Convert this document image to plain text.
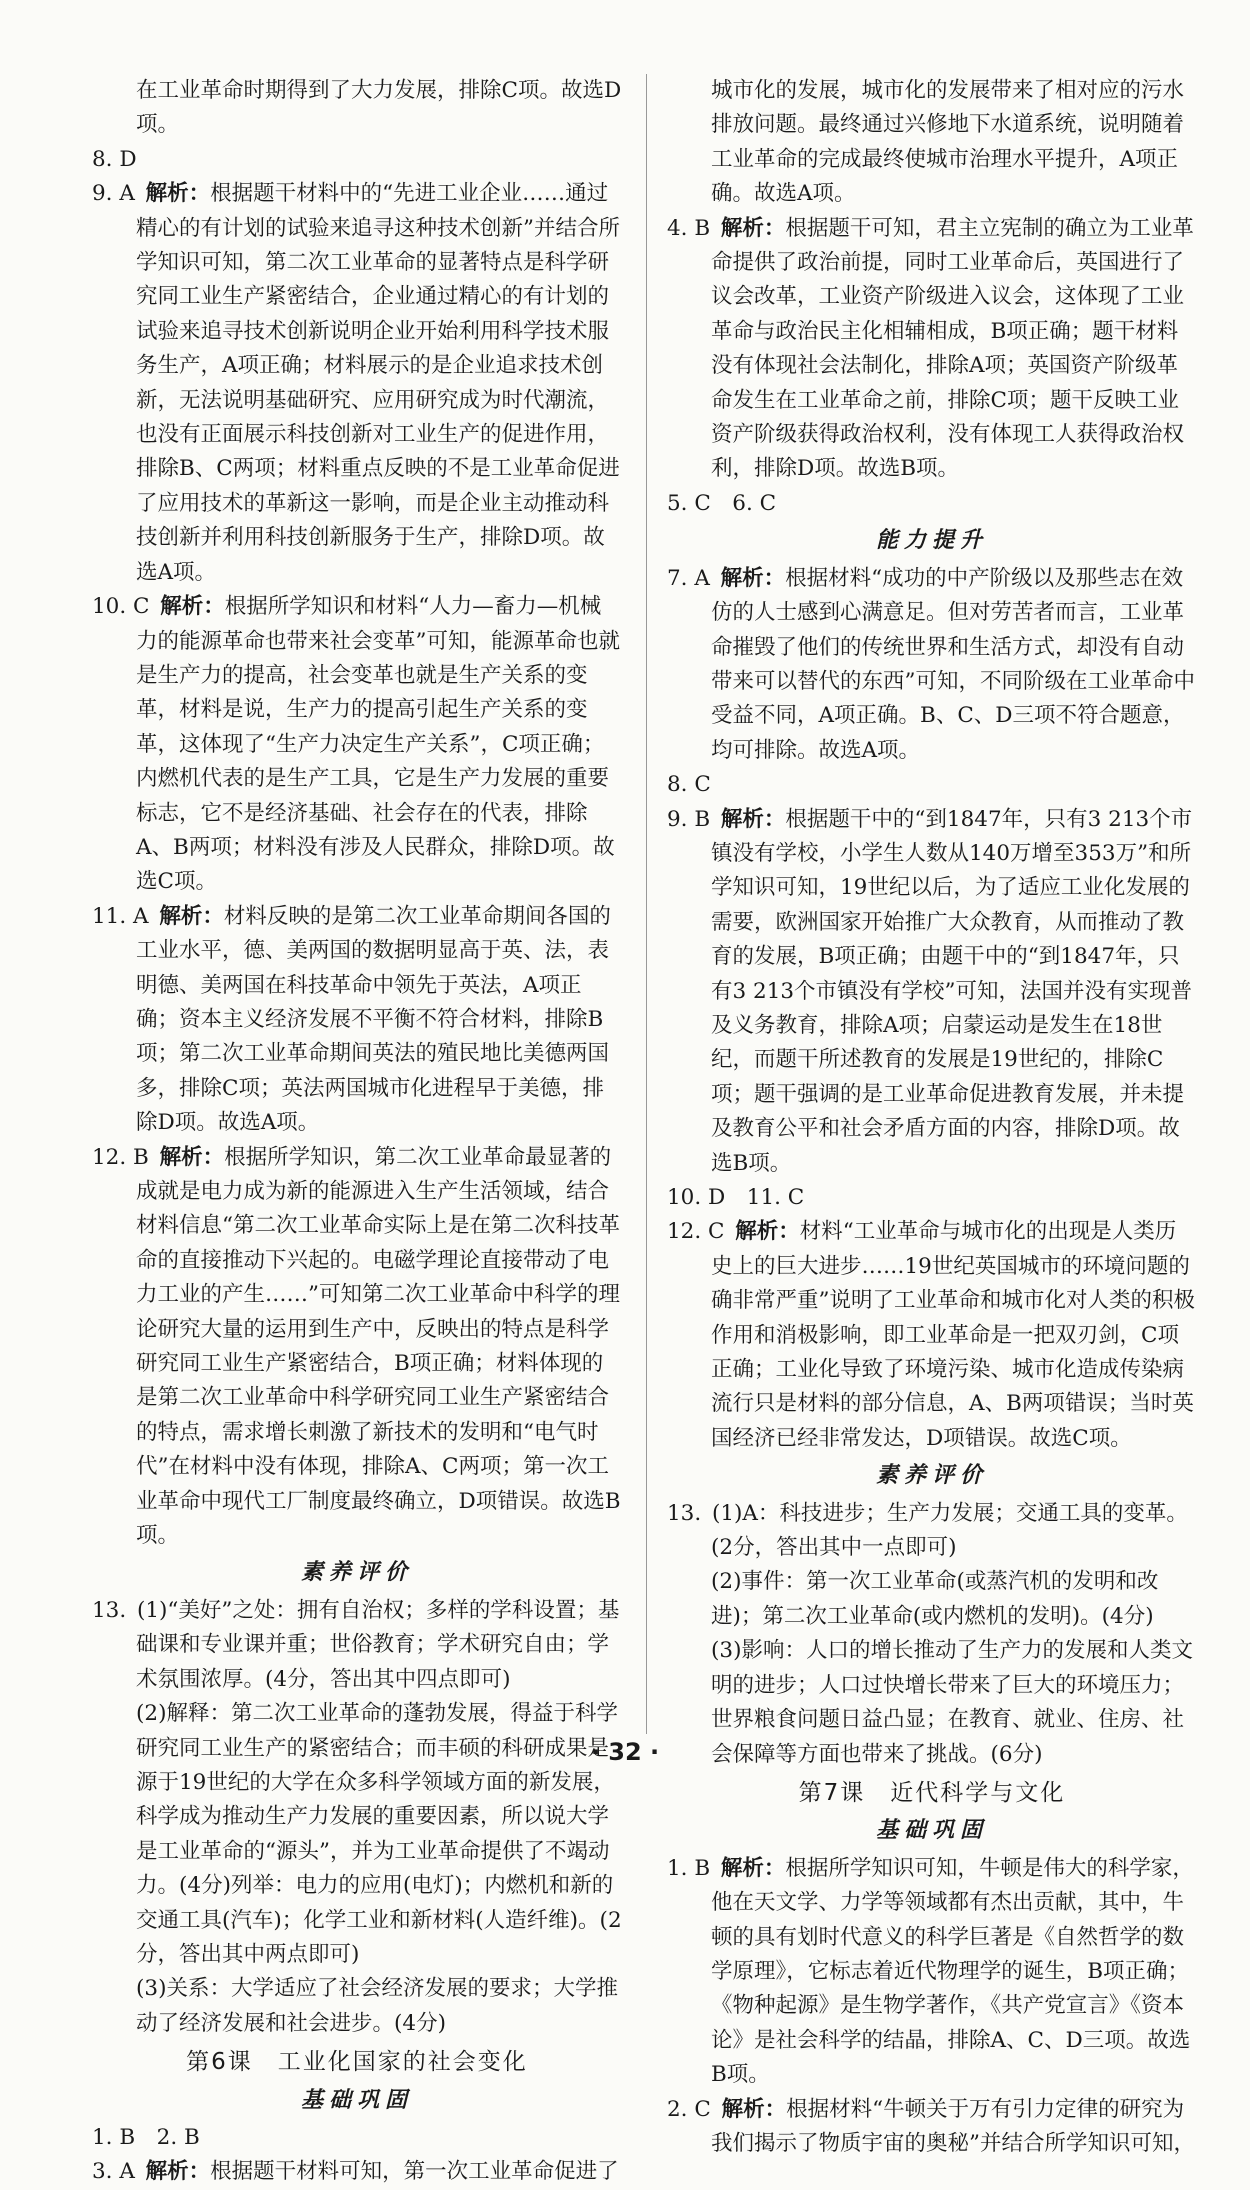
在工业革命时期得到了大力发展，排除C项。故选D项。

8. D

9. A  解析：根据题干材料中的“先进工业企业……通过精心的有计划的试验来追寻这种技术创新”并结合所学知识可知，第二次工业革命的显著特点是科学研究同工业生产紧密结合，企业通过精心的有计划的试验来追寻技术创新说明企业开始利用科学技术服务生产，A项正确；材料展示的是企业追求技术创新，无法说明基础研究、应用研究成为时代潮流，也没有正面展示科技创新对工业生产的促进作用，排除B、C两项；材料重点反映的不是工业革命促进了应用技术的革新这一影响，而是企业主动推动科技创新并利用科技创新服务于生产，排除D项。故选A项。

10. C  解析：根据所学知识和材料“人力—畜力—机械力的能源革命也带来社会变革”可知，能源革命也就是生产力的提高，社会变革也就是生产关系的变革，材料是说，生产力的提高引起生产关系的变革，这体现了“生产力决定生产关系”，C项正确；内燃机代表的是生产工具，它是生产力发展的重要标志，它不是经济基础、社会存在的代表，排除A、B两项；材料没有涉及人民群众，排除D项。故选C项。

11. A  解析：材料反映的是第二次工业革命期间各国的工业水平，德、美两国的数据明显高于英、法，表明德、美两国在科技革命中领先于英法，A项正确；资本主义经济发展不平衡不符合材料，排除B项；第二次工业革命期间英法的殖民地比美德两国多，排除C项；英法两国城市化进程早于美德，排除D项。故选A项。

12. B  解析：根据所学知识，第二次工业革命最显著的成就是电力成为新的能源进入生产生活领域，结合材料信息“第二次工业革命实际上是在第二次科技革命的直接推动下兴起的。电磁学理论直接带动了电力工业的产生……”可知第二次工业革命中科学的理论研究大量的运用到生产中，反映出的特点是科学研究同工业生产紧密结合，B项正确；材料体现的是第二次工业革命中科学研究同工业生产紧密结合的特点，需求增长刺激了新技术的发明和“电气时代”在材料中没有体现，排除A、C两项；第一次工业革命中现代工厂制度最终确立，D项错误。故选B项。

素养评价

13.  (1)“美好”之处：拥有自治权；多样的学科设置；基础课和专业课并重；世俗教育；学术研究自由；学术氛围浓厚。(4分，答出其中四点即可)

(2)解释：第二次工业革命的蓬勃发展，得益于科学研究同工业生产的紧密结合；而丰硕的科研成果是源于19世纪的大学在众多科学领域方面的新发展，科学成为推动生产力发展的重要因素，所以说大学是工业革命的“源头”，并为工业革命提供了不竭动力。(4分)列举：电力的应用(电灯)；内燃机和新的交通工具(汽车)；化学工业和新材料(人造纤维)。(2分，答出其中两点即可)

(3)关系：大学适应了社会经济发展的要求；大学推动了经济发展和社会进步。(4分)

第6课　工业化国家的社会变化

基础巩固

1. B　2. B

3. A  解析：根据题干材料可知，第一次工业革命促进了

城市化的发展，城市化的发展带来了相对应的污水排放问题。最终通过兴修地下水道系统，说明随着工业革命的完成最终使城市治理水平提升，A项正确。故选A项。

4. B  解析：根据题干可知，君主立宪制的确立为工业革命提供了政治前提，同时工业革命后，英国进行了议会改革，工业资产阶级进入议会，这体现了工业革命与政治民主化相辅相成，B项正确；题干材料没有体现社会法制化，排除A项；英国资产阶级革命发生在工业革命之前，排除C项；题干反映工业资产阶级获得政治权利，没有体现工人获得政治权利，排除D项。故选B项。

5. C　6. C

能力提升

7. A  解析：根据材料“成功的中产阶级以及那些志在效仿的人士感到心满意足。但对劳苦者而言，工业革命摧毁了他们的传统世界和生活方式，却没有自动带来可以替代的东西”可知，不同阶级在工业革命中受益不同，A项正确。B、C、D三项不符合题意，均可排除。故选A项。

8. C

9. B  解析：根据题干中的“到1847年，只有3 213个市镇没有学校，小学生人数从140万增至353万”和所学知识可知，19世纪以后，为了适应工业化发展的需要，欧洲国家开始推广大众教育，从而推动了教育的发展，B项正确；由题干中的“到1847年，只有3 213个市镇没有学校”可知，法国并没有实现普及义务教育，排除A项；启蒙运动是发生在18世纪，而题干所述教育的发展是19世纪的，排除C项；题干强调的是工业革命促进教育发展，并未提及教育公平和社会矛盾方面的内容，排除D项。故选B项。

10. D　11. C

12. C  解析：材料“工业革命与城市化的出现是人类历史上的巨大进步……19世纪英国城市的环境问题的确非常严重”说明了工业革命和城市化对人类的积极作用和消极影响，即工业革命是一把双刃剑，C项正确；工业化导致了环境污染、城市化造成传染病流行只是材料的部分信息，A、B两项错误；当时英国经济已经非常发达，D项错误。故选C项。

素养评价

13.  (1)A：科技进步；生产力发展；交通工具的变革。(2分，答出其中一点即可)

(2)事件：第一次工业革命(或蒸汽机的发明和改进)；第二次工业革命(或内燃机的发明)。(4分)

(3)影响：人口的增长推动了生产力的发展和人类文明的进步；人口过快增长带来了巨大的环境压力；世界粮食问题日益凸显；在教育、就业、住房、社会保障等方面也带来了挑战。(6分)

第7课　近代科学与文化

基础巩固

1. B  解析：根据所学知识可知，牛顿是伟大的科学家，他在天文学、力学等领域都有杰出贡献，其中，牛顿的具有划时代意义的科学巨著是《自然哲学的数学原理》，它标志着近代物理学的诞生，B项正确；《物种起源》是生物学著作，《共产党宣言》《资本论》是社会科学的结晶，排除A、C、D三项。故选B项。

2. C  解析：根据材料“牛顿关于万有引力定律的研究为我们揭示了物质宇宙的奥秘”并结合所学知识可知，

· 32 ·
